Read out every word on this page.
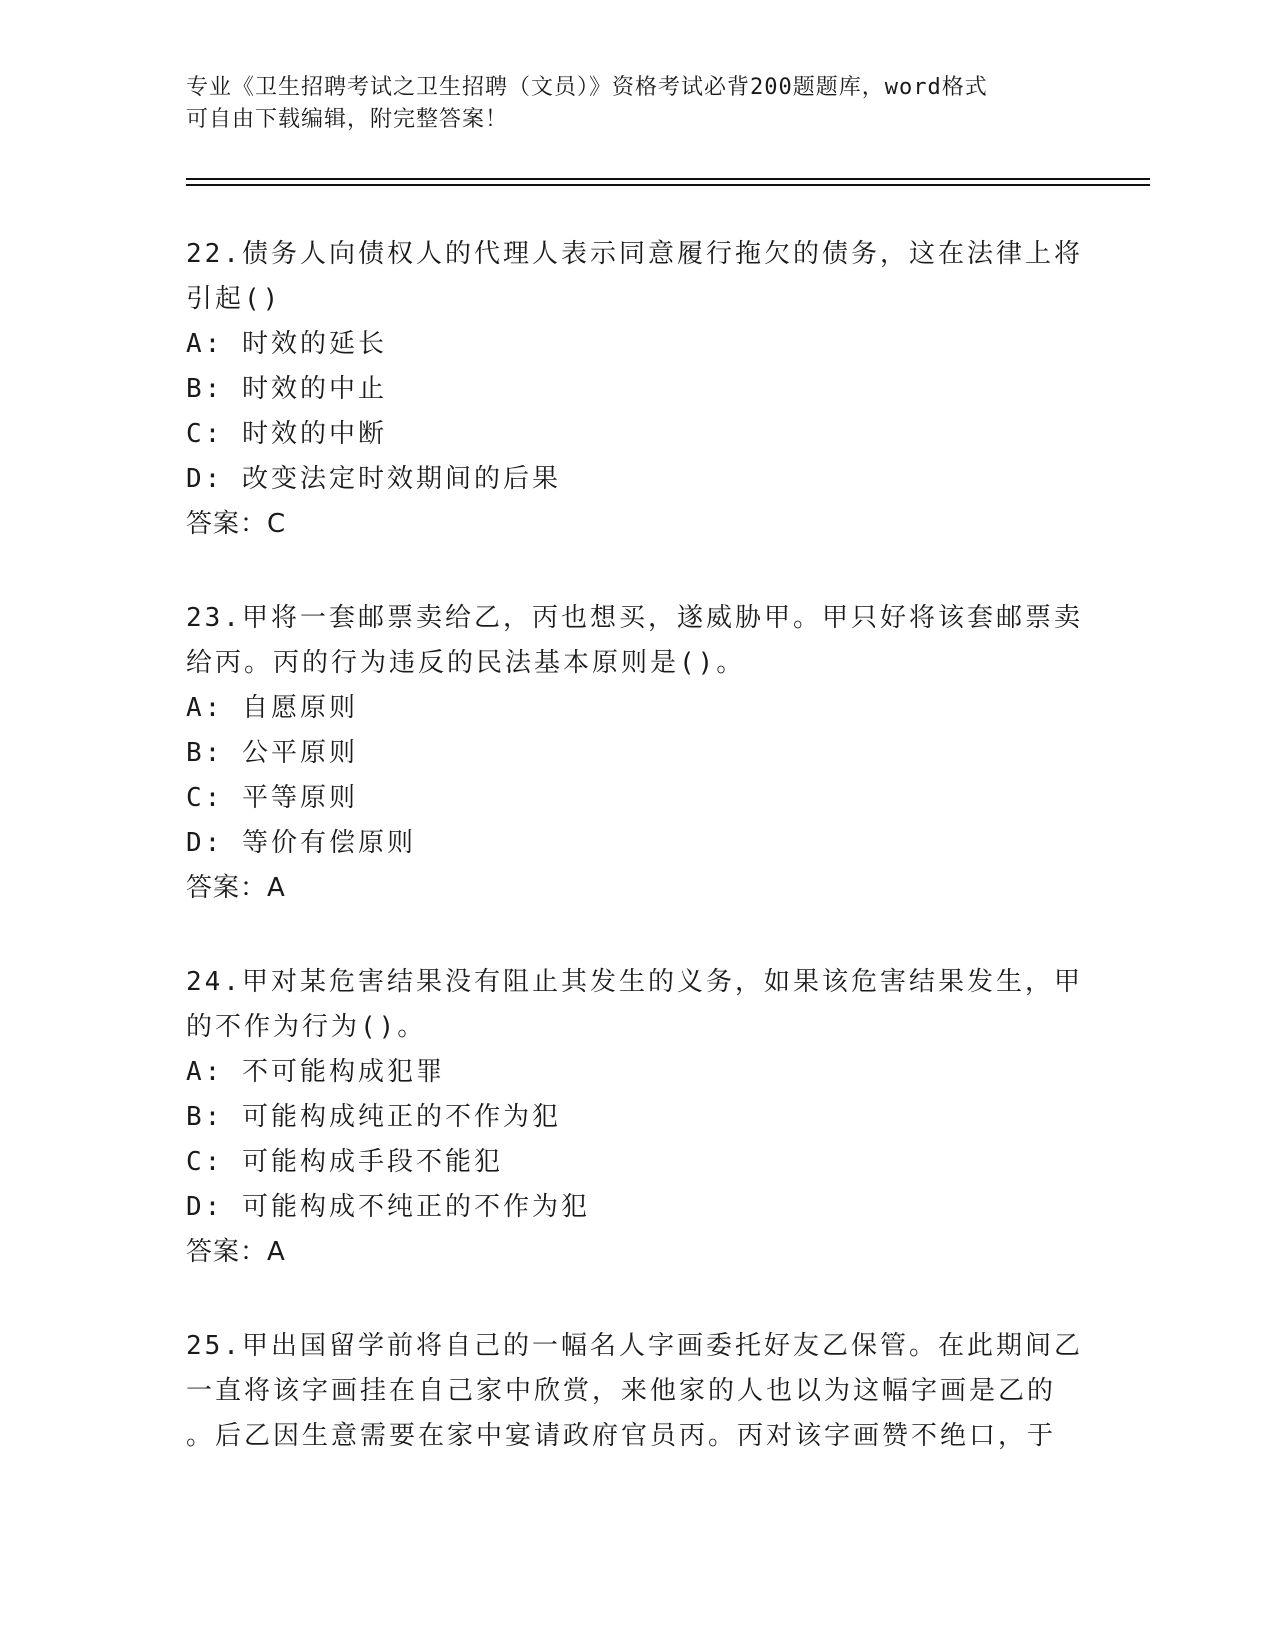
专业《卫生招聘考试之卫生招聘（文员）》资格考试必背200题题库，word格式

可自由下载编辑，附完整答案！

22.债务人向债权人的代理人表示同意履行拖欠的债务，这在法律上将

引起()

A: 时效的延长

B: 时效的中止

C: 时效的中断

D: 改变法定时效期间的后果

答案：C

23.甲将一套邮票卖给乙，丙也想买，遂威胁甲。甲只好将该套邮票卖

给丙。丙的行为违反的民法基本原则是()。

A: 自愿原则

B: 公平原则

C: 平等原则

D: 等价有偿原则

答案：A

24.甲对某危害结果没有阻止其发生的义务，如果该危害结果发生，甲

的不作为行为()。

A: 不可能构成犯罪

B: 可能构成纯正的不作为犯

C: 可能构成手段不能犯

D: 可能构成不纯正的不作为犯

答案：A

25.甲出国留学前将自己的一幅名人字画委托好友乙保管。在此期间乙

一直将该字画挂在自己家中欣赏，来他家的人也以为这幅字画是乙的

。后乙因生意需要在家中宴请政府官员丙。丙对该字画赞不绝口，于
